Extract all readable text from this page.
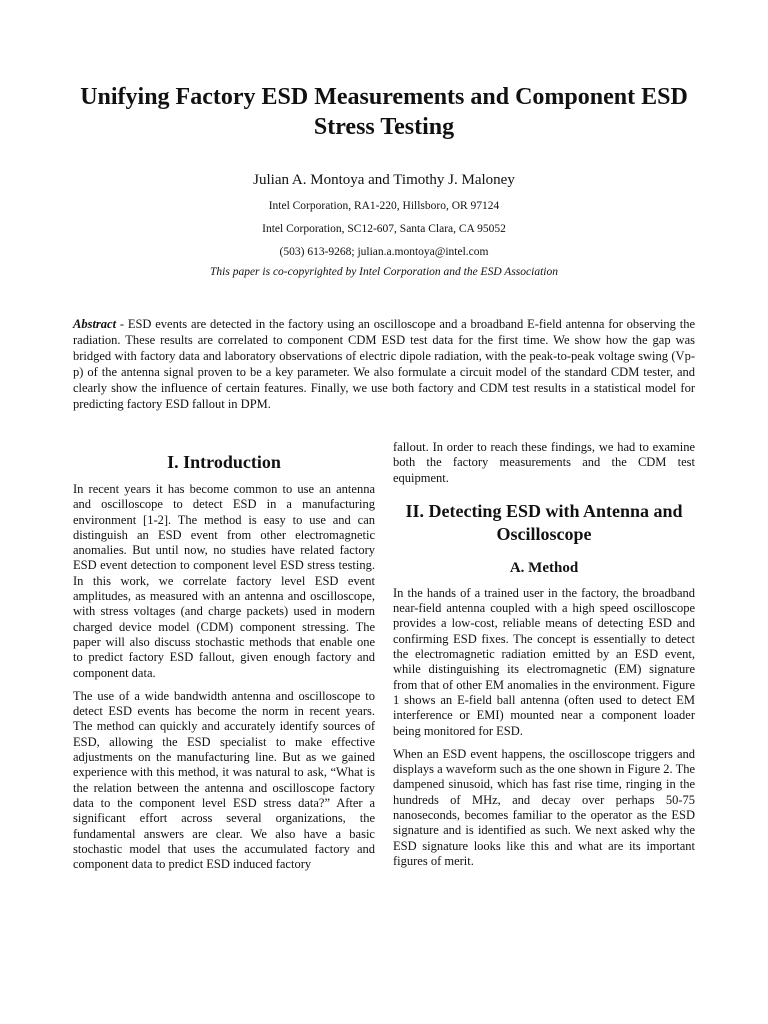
Unifying Factory ESD Measurements and Component ESD Stress Testing
Julian A. Montoya and Timothy J. Maloney
Intel Corporation, RA1-220, Hillsboro, OR 97124
Intel Corporation, SC12-607, Santa Clara, CA 95052
(503) 613-9268; julian.a.montoya@intel.com
This paper is co-copyrighted by Intel Corporation and the ESD Association
Abstract - ESD events are detected in the factory using an oscilloscope and a broadband E-field antenna for observing the radiation. These results are correlated to component CDM ESD test data for the first time. We show how the gap was bridged with factory data and laboratory observations of electric dipole radiation, with the peak-to-peak voltage swing (Vp-p) of the antenna signal proven to be a key parameter. We also formulate a circuit model of the standard CDM tester, and clearly show the influence of certain features. Finally, we use both factory and CDM test results in a statistical model for predicting factory ESD fallout in DPM.
I. Introduction

In recent years it has become common to use an antenna and oscilloscope to detect ESD in a manufacturing environment [1-2]. The method is easy to use and can distinguish an ESD event from other electromagnetic anomalies. But until now, no studies have related factory ESD event detection to component level ESD stress testing. In this work, we correlate factory level ESD event amplitudes, as measured with an antenna and oscilloscope, with stress voltages (and charge packets) used in modern charged device model (CDM) component stressing. The paper will also discuss stochastic methods that enable one to predict factory ESD fallout, given enough factory and component data.

The use of a wide bandwidth antenna and oscilloscope to detect ESD events has become the norm in recent years. The method can quickly and accurately identify sources of ESD, allowing the ESD specialist to make effective adjustments on the manufacturing line. But as we gained experience with this method, it was natural to ask, “What is the relation between the antenna and oscilloscope factory data to the component level ESD stress data?” After a significant effort across several organizations, the fundamental answers are clear. We also have a basic stochastic model that uses the accumulated factory and component data to predict ESD induced factory

fallout. In order to reach these findings, we had to examine both the factory measurements and the CDM test equipment.

II. Detecting ESD with Antenna and Oscilloscope
A. Method

In the hands of a trained user in the factory, the broadband near-field antenna coupled with a high speed oscilloscope provides a low-cost, reliable means of detecting ESD and confirming ESD fixes. The concept is essentially to detect the electromagnetic radiation emitted by an ESD event, while distinguishing its electromagnetic (EM) signature from that of other EM anomalies in the environment. Figure 1 shows an E-field ball antenna (often used to detect EM interference or EMI) mounted near a component loader being monitored for ESD.

When an ESD event happens, the oscilloscope triggers and displays a waveform such as the one shown in Figure 2. The dampened sinusoid, which has fast rise time, ringing in the hundreds of MHz, and decay over perhaps 50-75 nanoseconds, becomes familiar to the operator as the ESD signature and is identified as such. We next asked why the ESD signature looks like this and what are its important figures of merit.
